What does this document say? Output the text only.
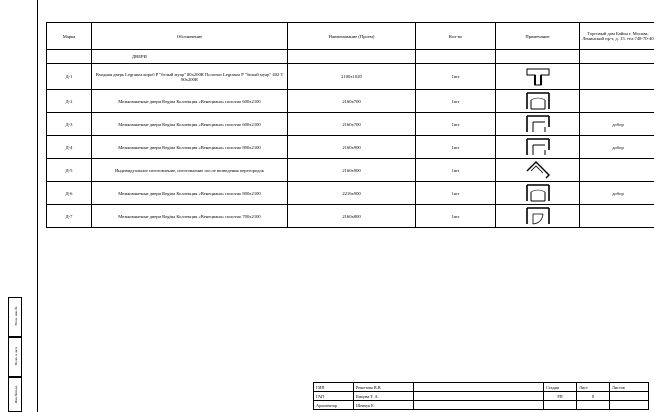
Взам. инв.№
Подп. и дата
Инв.№подл.
Марка	Обозначение	Наименование (Проем)	Кол-во	Примечание	Торговый дом Байон г. Москва, Ленинский пр-т, д. 15. тел:748-70-40
	ДВЕРИ				
Д-1	Входная дверь Legranza короб P "белый муар" 80х200R Полотно Legranza P "белый муар" 402 T 80х200R	2100х1020	1шт	

Д-2	Межкомнатные двери Regina Коллекция «Венециана» полотно 600х2100	2160х700	1шт	

Д-3	Межкомнатные двери Regina Коллекция «Венециана» полотно 600х2100	2160х700	1шт		добор
Д-4	Межкомнатные двери Regina Коллекция «Венециана» полотно 800х2100	2160х900	1шт		добор
Д-5	Индивидуальное изготовление, изготовление после возведения перегородок	2160х900	1шт	

Д-6	Межкомнатные двери Regina Коллекция «Венециана» полотно 800х2100	2216х900	1шт		добор
Д-7	Межкомнатные двери Regina Коллекция «Венециана» полотно 700х2100	2160х800	1шт	

ГИП	Решетова В.В.	
ГАП	Емцова Т. А.	
Архитектор	Шевчук Е.	
Стадия	Лист	Листов
РП	8	
